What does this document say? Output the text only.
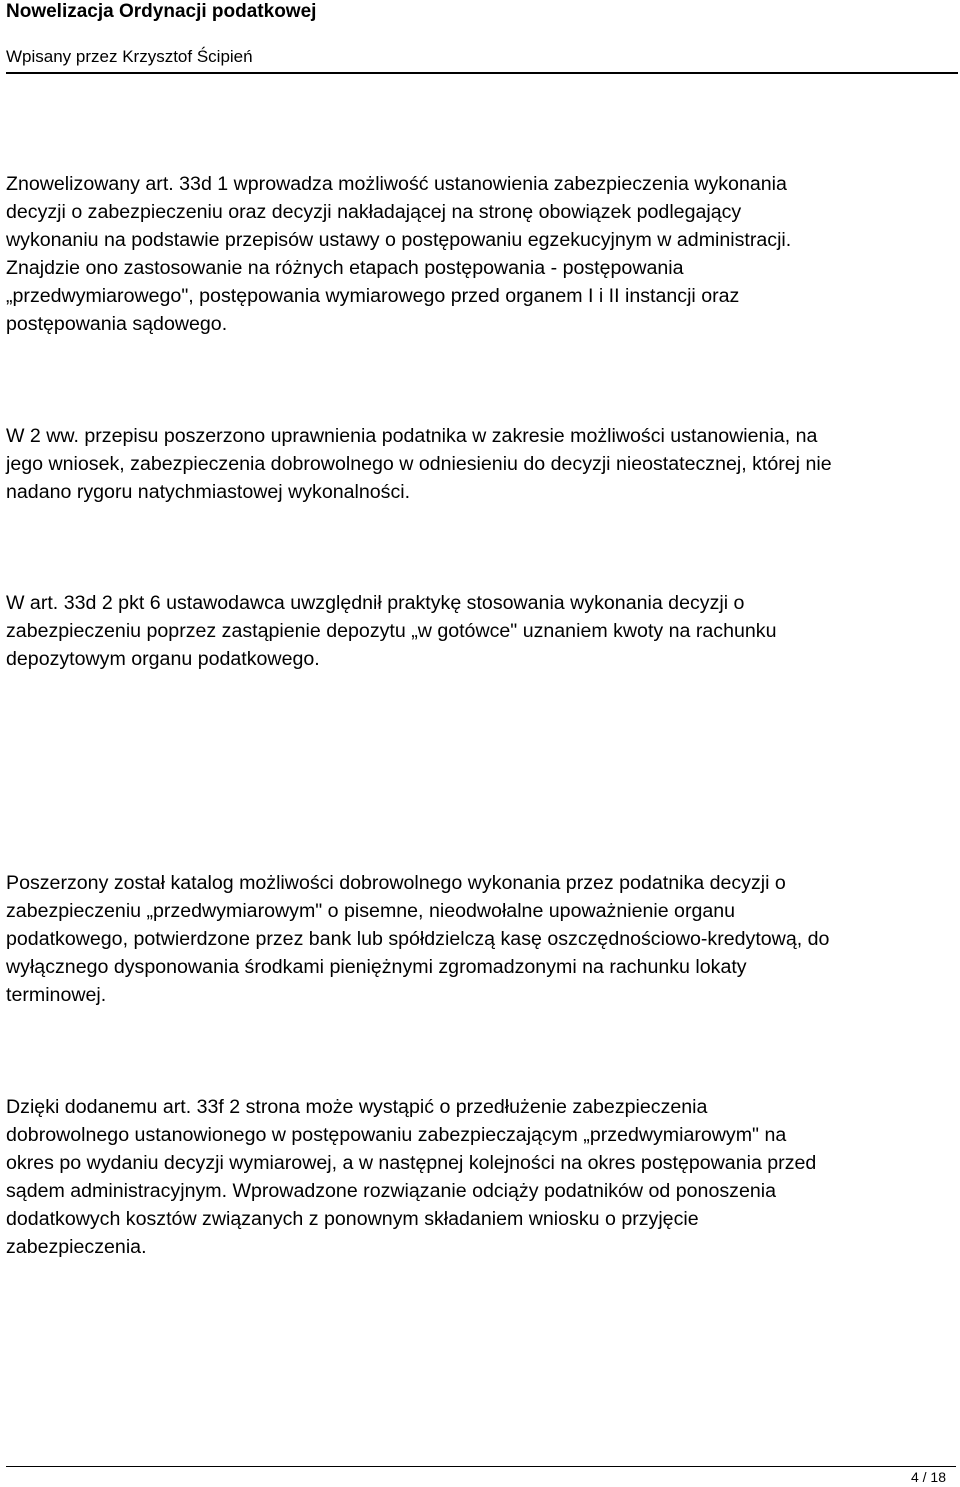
Nowelizacja Ordynacji podatkowej
Wpisany przez Krzysztof Ścipień

Znowelizowany art. 33d 1 wprowadza możliwość ustanowienia zabezpieczenia wykonania
decyzji o zabezpieczeniu oraz decyzji nakładającej na stronę obowiązek podlegający
wykonaniu na podstawie przepisów ustawy o postępowaniu egzekucyjnym w administracji.
Znajdzie ono zastosowanie na różnych etapach postępowania - postępowania
„przedwymiarowego", postępowania wymiarowego przed organem I i II instancji oraz
postępowania sądowego.

W 2 ww. przepisu poszerzono uprawnienia podatnika w zakresie możliwości ustanowienia, na
jego wniosek, zabezpieczenia dobrowolnego w odniesieniu do decyzji nieostatecznej, której nie
nadano rygoru natychmiastowej wykonalności.

W art. 33d 2 pkt 6 ustawodawca uwzględnił praktykę stosowania wykonania decyzji o
zabezpieczeniu poprzez zastąpienie depozytu „w gotówce" uznaniem kwoty na rachunku
depozytowym organu podatkowego.

Poszerzony został katalog możliwości dobrowolnego wykonania przez podatnika decyzji o
zabezpieczeniu „przedwymiarowym" o pisemne, nieodwołalne upoważnienie organu
podatkowego, potwierdzone przez bank lub spółdzielczą kasę oszczędnościowo-kredytową, do
wyłącznego dysponowania środkami pieniężnymi zgromadzonymi na rachunku lokaty
terminowej.

Dzięki dodanemu art. 33f 2 strona może wystąpić o przedłużenie zabezpieczenia
dobrowolnego ustanowionego w postępowaniu zabezpieczającym „przedwymiarowym" na
okres po wydaniu decyzji wymiarowej, a w następnej kolejności na okres postępowania przed
sądem administracyjnym. Wprowadzone rozwiązanie odciąży podatników od ponoszenia
dodatkowych kosztów związanych z ponownym składaniem wniosku o przyjęcie
zabezpieczenia.

4 / 18
